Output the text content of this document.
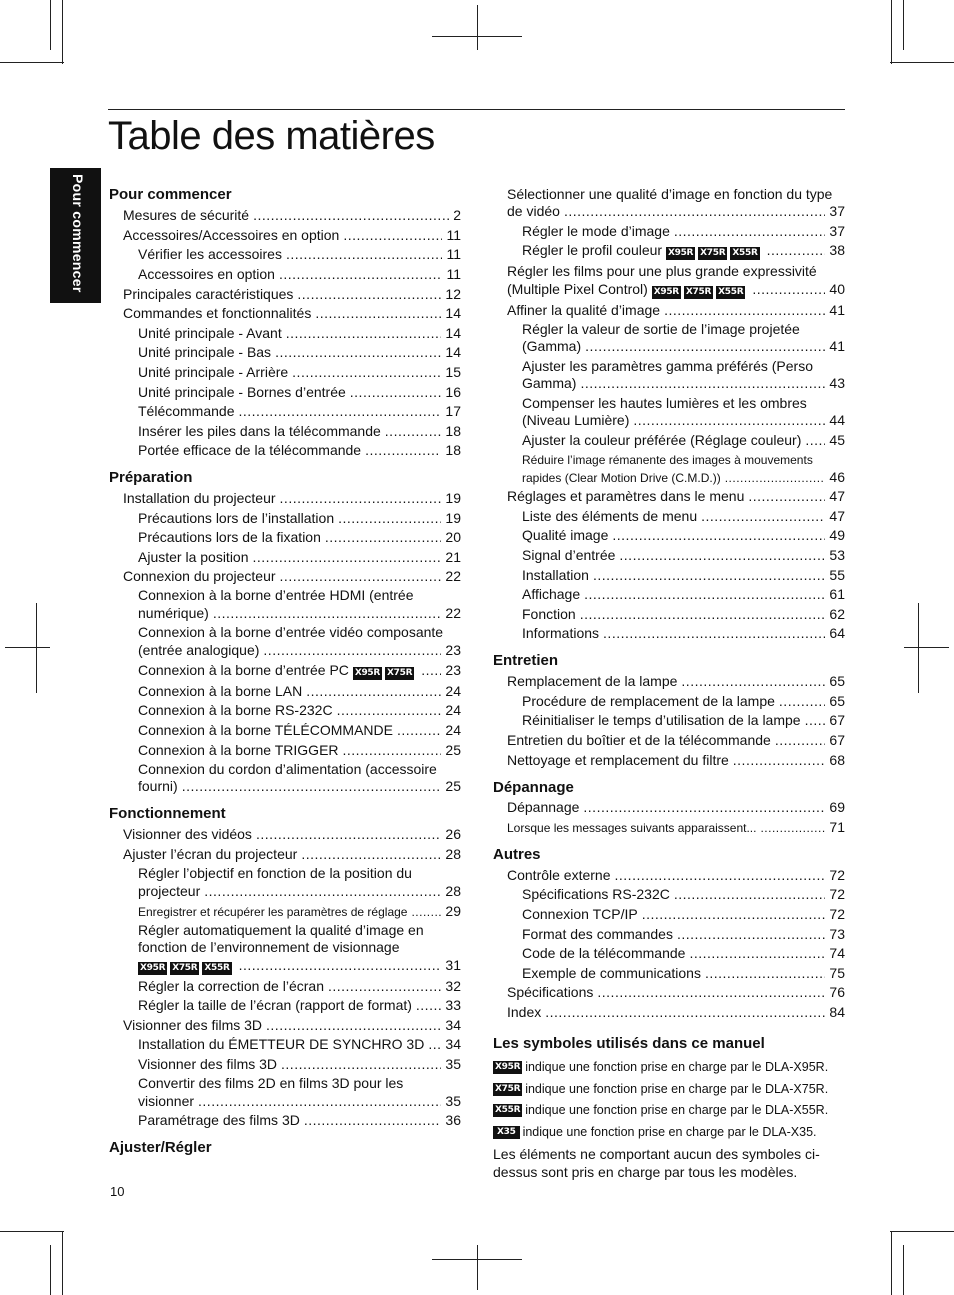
Table des matières
Pour commencer Pour commencer
Mesures de sécurité .....	2
Accessoires/Accessoires en option .....	11
Vérifier les accessoires .....	11
Accessoires en option .....	11
Principales caractéristiques .....	12
Commandes et fonctionnalités .....	14
Unité principale - Avant .....	14
Unité principale - Bas .....	14
Unité principale - Arrière .....	15
Unité principale - Bornes d’entrée .....	16
Télécommande .....	17
Insérer les piles dans la télécommande .....	18
Portée efficace de la télécommande .....	18
Préparation
Installation du projecteur .....	19
Précautions lors de l’installation .....	19
Précautions lors de la fixation .....	20
Ajuster la position .....	21
Connexion du projecteur .....	22
Connexion à la borne d’entrée HDMI (entrée
numérique) .....	22
Connexion à la borne d’entrée vidéo composante
(entrée analogique) .....	23
Connexion à la borne d’entrée PC
X95R X75R ..... 23
Connexion à la borne LAN .....	24
Connexion à la borne RS-232C .....	24
Connexion à la borne TÉLÉCOMMANDE .....	24
Connexion à la borne TRIGGER .....	25
Connexion du cordon d’alimentation (accessoire
fourni) .....	25
Fonctionnement
Visionner des vidéos .....	26
Ajuster l’écran du projecteur .....	28
Régler l’objectif en fonction de la position du
projecteur .....	28
Enregistrer et récupérer les paramètres de réglage .....	29
Régler automatiquement la qualité d’image en
fonction de l’environnement de visionnage
X95R X75R X55R .....	31
Régler la correction de l’écran .....	32
Régler la taille de l’écran (rapport de format) ..... 33
Visionner des films 3D .....	34
Installation du ÉMETTEUR DE SYNCHRO 3D ..... 34
Visionner des films 3D .....	35
Convertir des films 2D en films 3D pour les
visionner .....	35
Paramétrage des films 3D .....	36
Ajuster/Régler
Sélectionner une qualité d’image en fonction du type
de vidéo .....	37
Régler le mode d’image .....	37
Régler le profil couleur
X95R X75R X55R .....	38
Régler les films pour une plus grande expressivité
(Multiple Pixel Control)
X95R X75R X55R .....	40
Affiner la qualité d’image .....	41
Régler la valeur de sortie de l’image projetée
(Gamma) .....	41
Ajuster les paramètres gamma préférés (Perso
Gamma) .....	43
Compenser les hautes lumières et les ombres
(Niveau Lumière) .....	44
Ajuster la couleur préférée (Réglage couleur) ..... 45
Réduire l’image rémanente des images à mouvements
rapides (Clear Motion Drive (C.M.D.)) .....	46
Réglages et paramètres dans le menu .....	47
Liste des éléments de menu .....	47
Qualité image .....	49
Signal d’entrée .....	53
Installation .....	55
Affichage .....	61
Fonction .....	62
Informations .....	64
Entretien
Remplacement de la lampe .....	65
Procédure de remplacement de la lampe .....	65
Réinitialiser le temps d’utilisation de la lampe ..... 67
Entretien du boîtier et de la télécommande .....	67
Nettoyage et remplacement du filtre .....	68
Dépannage
Dépannage .....	69
Lorsque les messages suivants apparaissent... .....	71
Autres
Contrôle externe .....	72
Spécifications RS-232C .....	72
Connexion TCP/IP .....	72
Format des commandes .....	73
Code de la télécommande .....	74
Exemple de communications .....	75
Spécifications .....	76
Index .....	84
Les symboles utilisés dans ce manuel
X95R indique une fonction prise en charge par le DLA-X95R.
X75R indique une fonction prise en charge par le DLA-X75R.
X55R indique une fonction prise en charge par le DLA-X55R.
X35 indique une fonction prise en charge par le DLA-X35.
Les éléments ne comportant aucun des symboles ci-
dessus sont pris en charge par tous les modèles.
10
